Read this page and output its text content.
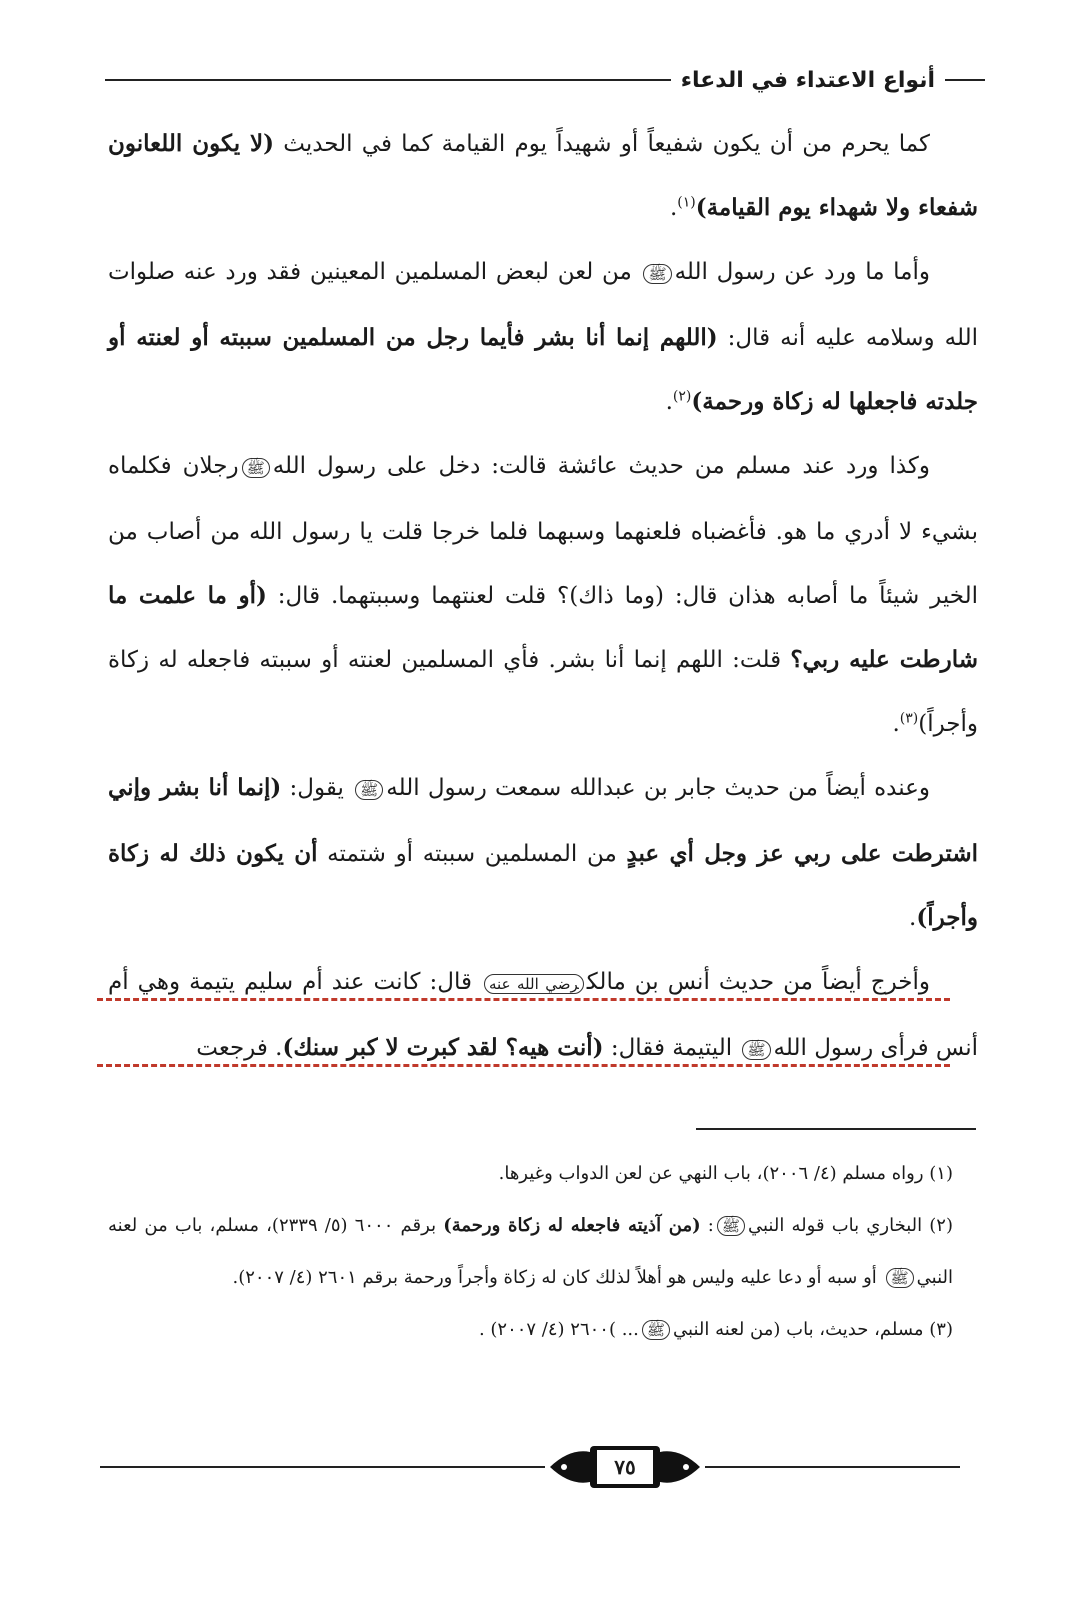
أنواع الاعتداء في الدعاء

كما يحرم من أن يكون شفيعاً أو شهيداً يوم القيامة كما في الحديث (لا يكون اللعانون شفعاء ولا شهداء يوم القيامة)$^{(١)}$.

وأما ما ورد عن رسول اللهﷺ من لعن لبعض المسلمين المعينين فقد ورد عنه صلوات الله وسلامه عليه أنه قال: (اللهم إنما أنا بشر فأيما رجل من المسلمين سببته أو لعنته أو جلدته فاجعلها له زكاة ورحمة)$^{(٢)}$.

وكذا ورد عند مسلم من حديث عائشة قالت: دخل على رسول اللهﷺرجلان فكلماه بشيء لا أدري ما هو. فأغضباه فلعنهما وسبهما فلما خرجا قلت يا رسول الله من أصاب من الخير شيئاً ما أصابه هذان قال: (وما ذاك)؟ قلت لعنتهما وسببتهما. قال: (أو ما علمت ما شارطت عليه ربي؟ قلت: اللهم إنما أنا بشر. فأي المسلمين لعنته أو سببته فاجعله له زكاة وأجراً)$^{(٣)}$.

وعنده أيضاً من حديث جابر بن عبدالله سمعت رسول اللهﷺ يقول: (إنما أنا بشر وإني اشترطت على ربي عز وجل أي عبدٍ من المسلمين سببته أو شتمته أن يكون ذلك له زكاة وأجراً).

وأخرج أيضاً من حديث أنس بن مالكرضي الله عنه قال: كانت عند أم سليم يتيمة وهي أم أنس فرأى رسول اللهﷺ اليتيمة فقال: (أنت هيه؟ لقد كبرت لا كبر سنك). فرجعت

(١) رواه مسلم (٤/ ٢٠٠٦)، باب النهي عن لعن الدواب وغيرها.

(٢) البخاري باب قوله النبيﷺ: (من آذيته فاجعله له زكاة ورحمة) برقم ٦٠٠٠ (٥/ ٢٣٣٩)، مسلم، باب من لعنه النبيﷺ أو سبه أو دعا عليه وليس هو أهلاً لذلك كان له زكاة وأجراً ورحمة برقم ٢٦٠١ (٤/ ٢٠٠٧).

(٣) مسلم، حديث، باب (من لعنه النبيﷺ... )٢٦٠٠ (٤/ ٢٠٠٧) .

٧٥
